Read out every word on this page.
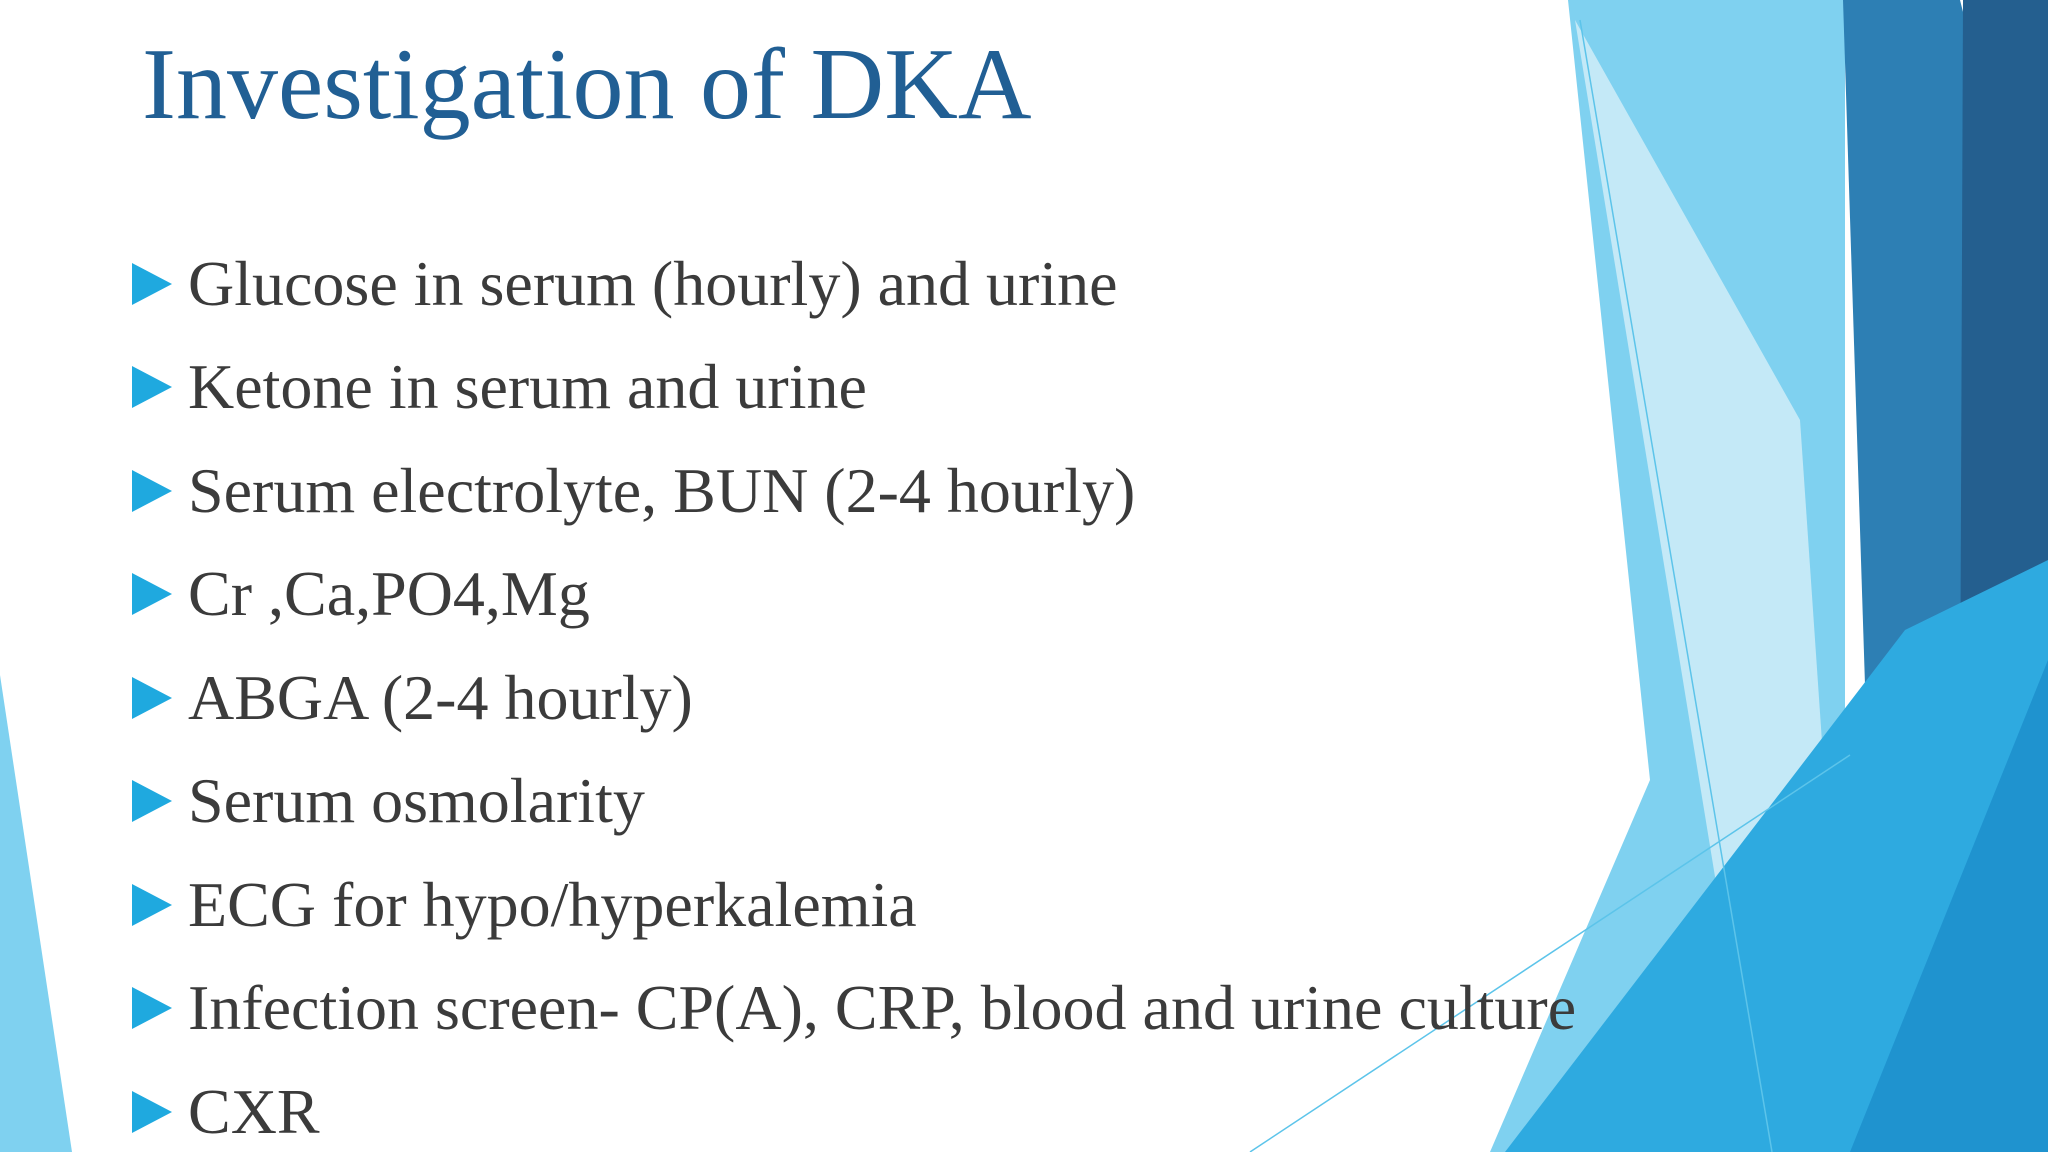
Investigation of DKA
Glucose in serum (hourly) and urine
Ketone in serum and urine
Serum electrolyte, BUN (2-4 hourly)
Cr ,Ca,PO4,Mg
ABGA (2-4 hourly)
Serum osmolarity
ECG for hypo/hyperkalemia
Infection screen- CP(A), CRP, blood and urine culture
CXR
